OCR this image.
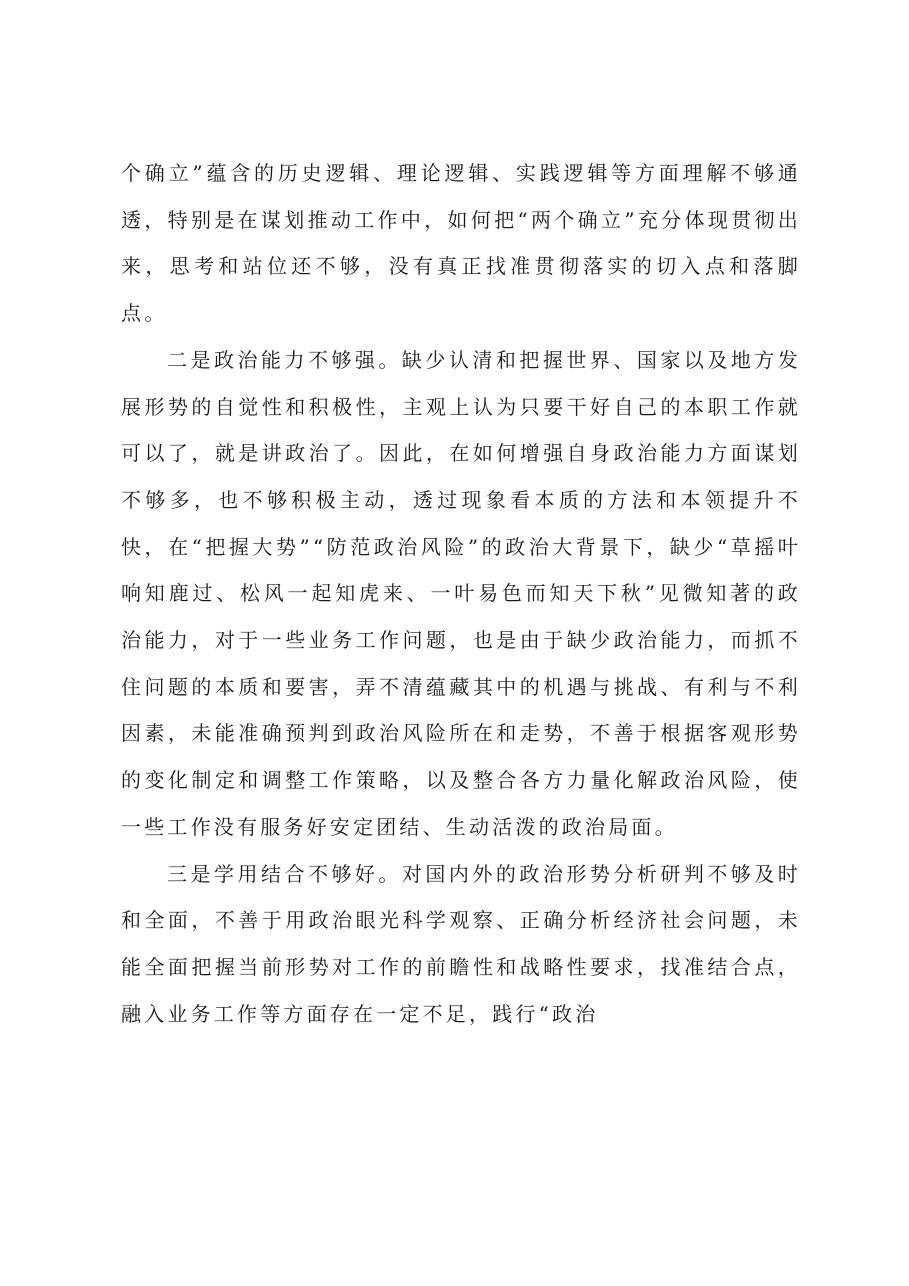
个确立”蕴含的历史逻辑、理论逻辑、实践逻辑等方面理解不够通透，特别是在谋划推动工作中，如何把“两个确立”充分体现贯彻出来，思考和站位还不够，没有真正找准贯彻落实的切入点和落脚点。

二是政治能力不够强。缺少认清和把握世界、国家以及地方发展形势的自觉性和积极性，主观上认为只要干好自己的本职工作就可以了，就是讲政治了。因此，在如何增强自身政治能力方面谋划不够多，也不够积极主动，透过现象看本质的方法和本领提升不快，在“把握大势”“防范政治风险”的政治大背景下，缺少“草摇叶响知鹿过、松风一起知虎来、一叶易色而知天下秋”见微知著的政治能力，对于一些业务工作问题，也是由于缺少政治能力，而抓不住问题的本质和要害，弄不清蕴藏其中的机遇与挑战、有利与不利因素，未能准确预判到政治风险所在和走势，不善于根据客观形势的变化制定和调整工作策略，以及整合各方力量化解政治风险，使一些工作没有服务好安定团结、生动活泼的政治局面。

三是学用结合不够好。对国内外的政治形势分析研判不够及时和全面，不善于用政治眼光科学观察、正确分析经济社会问题，未能全面把握当前形势对工作的前瞻性和战略性要求，找准结合点，融入业务工作等方面存在一定不足，践行“政治
